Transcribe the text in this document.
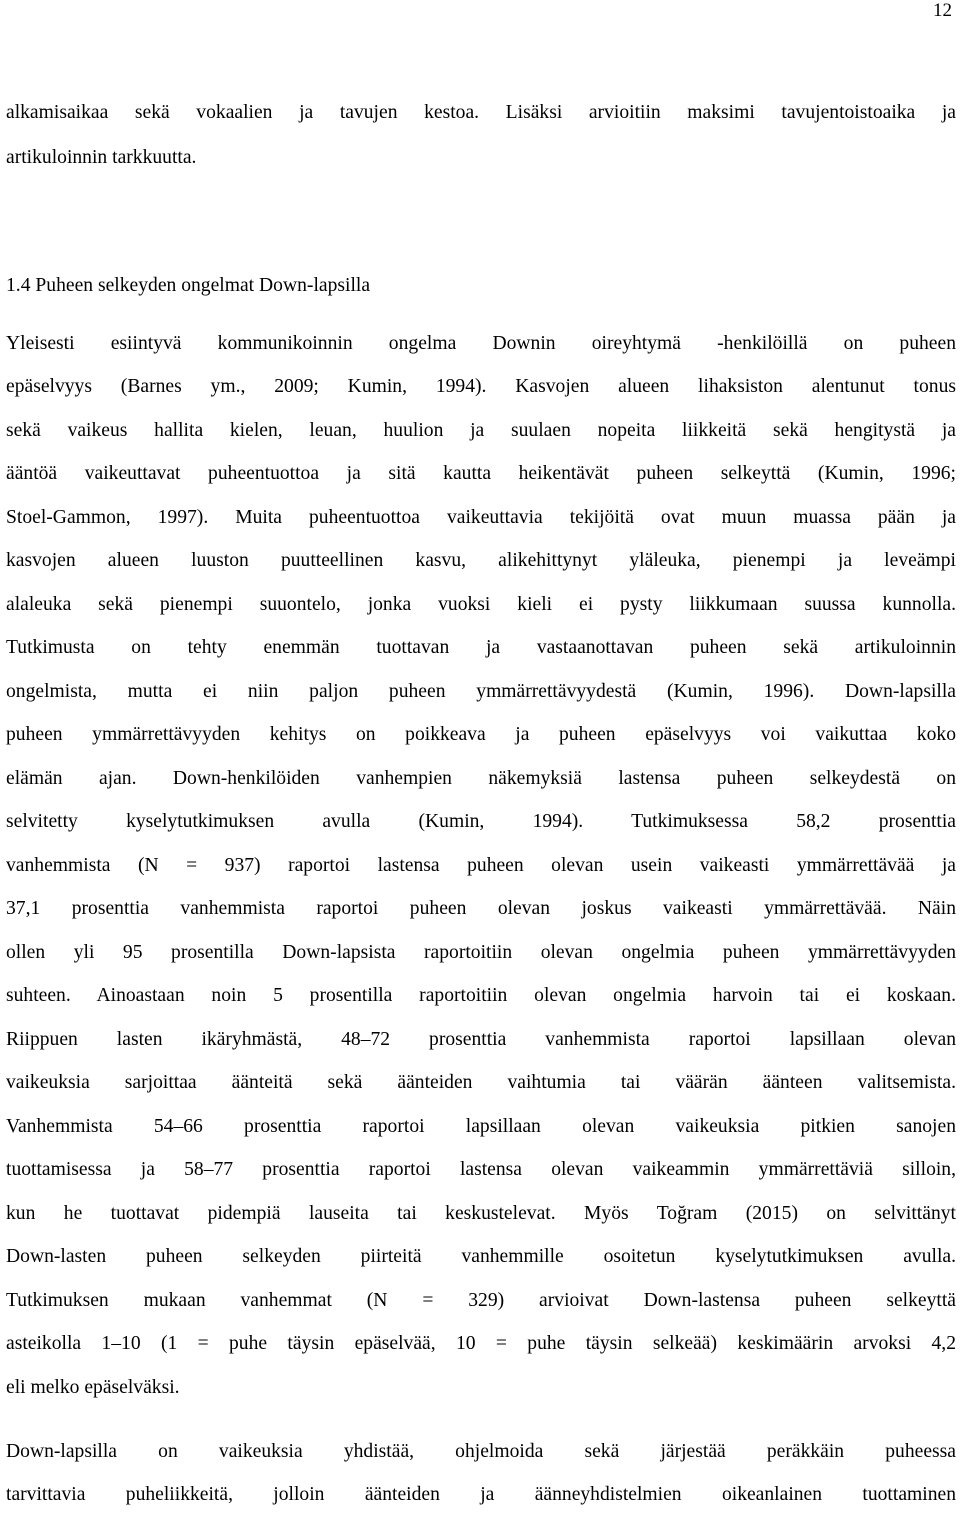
12
alkamisaikaa sekä vokaalien ja tavujen kestoa. Lisäksi arvioitiin maksimi tavujentoistoaika ja
artikuloinnin tarkkuutta.
1.4 Puheen selkeyden ongelmat Down-lapsilla
Yleisesti esiintyvä kommunikoinnin ongelma Downin oireyhtymä -henkilöillä on puheen
epäselvyys (Barnes ym., 2009; Kumin, 1994). Kasvojen alueen lihaksiston alentunut tonus
sekä vaikeus hallita kielen, leuan, huulion ja suulaen nopeita liikkeitä sekä hengitystä ja
ääntöä vaikeuttavat puheentuottoa ja sitä kautta heikentävät puheen selkeyttä (Kumin, 1996;
Stoel-Gammon, 1997). Muita puheentuottoa vaikeuttavia tekijöitä ovat muun muassa pään ja
kasvojen alueen luuston puutteellinen kasvu, alikehittynyt yläleuka, pienempi ja leveämpi
alaleuka sekä pienempi suuontelo, jonka vuoksi kieli ei pysty liikkumaan suussa kunnolla.
Tutkimusta on tehty enemmän tuottavan ja vastaanottavan puheen sekä artikuloinnin
ongelmista, mutta ei niin paljon puheen ymmärrettävyydestä (Kumin, 1996). Down-lapsilla
puheen ymmärrettävyyden kehitys on poikkeava ja puheen epäselvyys voi vaikuttaa koko
elämän ajan. Down-henkilöiden vanhempien näkemyksiä lastensa puheen selkeydestä on
selvitetty kyselytutkimuksen avulla (Kumin, 1994). Tutkimuksessa 58,2 prosenttia
vanhemmista (N = 937) raportoi lastensa puheen olevan usein vaikeasti ymmärrettävää ja
37,1 prosenttia vanhemmista raportoi puheen olevan joskus vaikeasti ymmärrettävää. Näin
ollen yli 95 prosentilla Down-lapsista raportoitiin olevan ongelmia puheen ymmärrettävyyden
suhteen. Ainoastaan noin 5 prosentilla raportoitiin olevan ongelmia harvoin tai ei koskaan.
Riippuen lasten ikäryhmästä, 48–72 prosenttia vanhemmista raportoi lapsillaan olevan
vaikeuksia sarjoittaa äänteitä sekä äänteiden vaihtumia tai väärän äänteen valitsemista.
Vanhemmista 54–66 prosenttia raportoi lapsillaan olevan vaikeuksia pitkien sanojen
tuottamisessa ja 58–77 prosenttia raportoi lastensa olevan vaikeammin ymmärrettäviä silloin,
kun he tuottavat pidempiä lauseita tai keskustelevat. Myös Toğram (2015) on selvittänyt
Down-lasten puheen selkeyden piirteitä vanhemmille osoitetun kyselytutkimuksen avulla.
Tutkimuksen mukaan vanhemmat (N = 329) arvioivat Down-lastensa puheen selkeyttä
asteikolla 1–10 (1 = puhe täysin epäselvää, 10 = puhe täysin selkeää) keskimäärin arvoksi 4,2
eli melko epäselväksi.
Down-lapsilla on vaikeuksia yhdistää, ohjelmoida sekä järjestää peräkkäin puheessa
tarvittavia puheliikkeitä, jolloin äänteiden ja äänneyhdistelmien oikeanlainen tuottaminen
